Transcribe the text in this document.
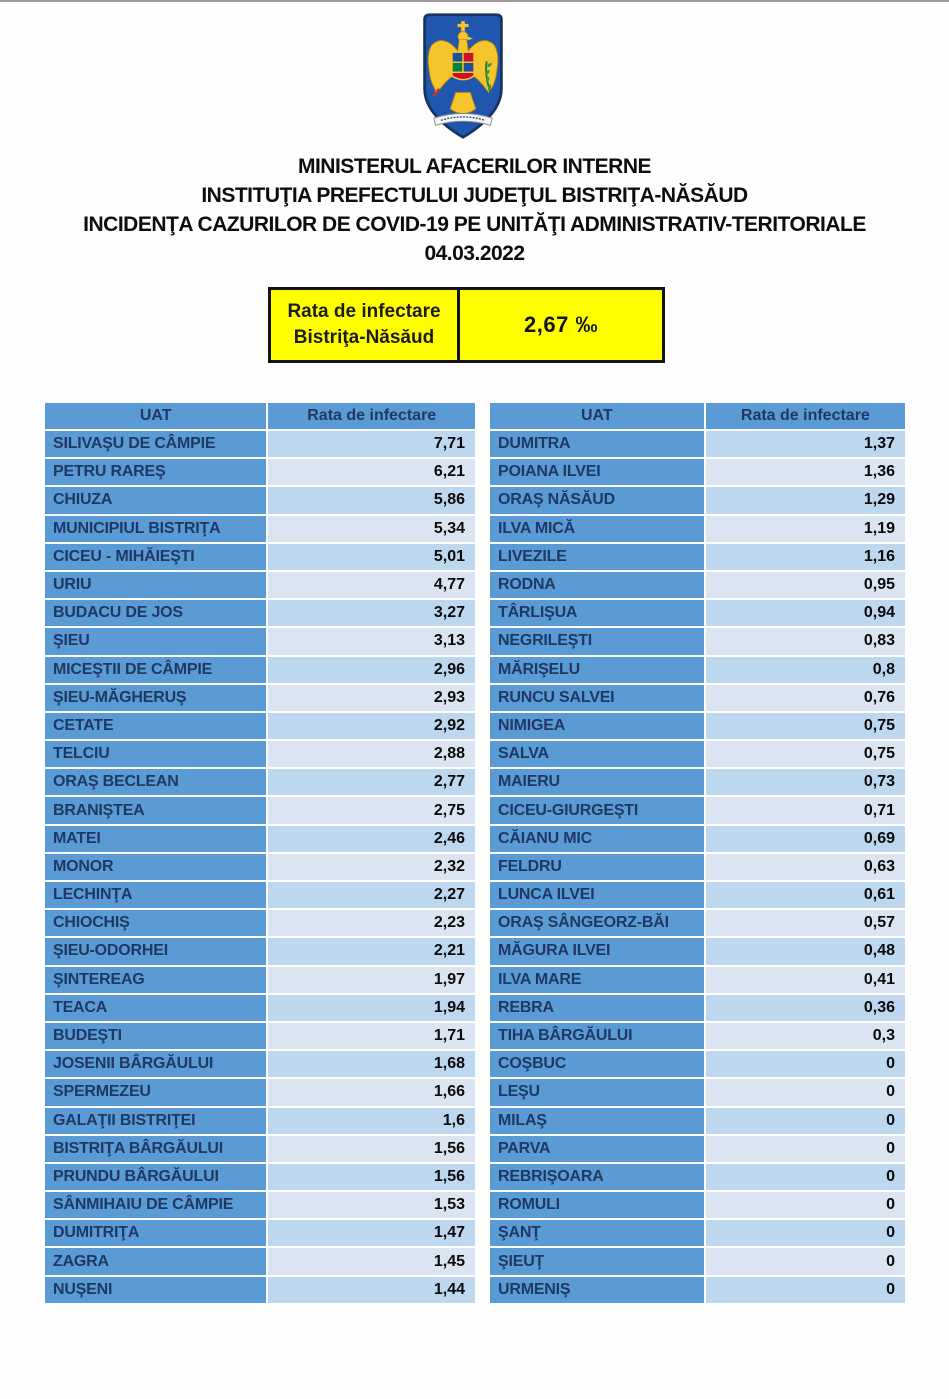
MINISTERUL AFACERILOR INTERNE
INSTITUŢIA PREFECTULUI JUDEŢUL BISTRIŢA-NĂSĂUD
INCIDENŢA CAZURILOR DE COVID-19 PE UNITĂŢI ADMINISTRATIV-TERITORIALE
04.03.2022
Rata de infectare
Bistriţa-Năsăud
2,67 ‰
UAT	Rata de infectare
SILIVAŞU DE CÂMPIE	7,71
PETRU RAREŞ	6,21
CHIUZA	5,86
MUNICIPIUL BISTRIŢA	5,34
CICEU - MIHĂIEŞTI	5,01
URIU	4,77
BUDACU DE JOS	3,27
ŞIEU	3,13
MICEŞTII DE CÂMPIE	2,96
ŞIEU-MĂGHERUŞ	2,93
CETATE	2,92
TELCIU	2,88
ORAŞ BECLEAN	2,77
BRANIŞTEA	2,75
MATEI	2,46
MONOR	2,32
LECHINŢA	2,27
CHIOCHIŞ	2,23
ŞIEU-ODORHEI	2,21
ŞINTEREAG	1,97
TEACA	1,94
BUDEŞTI	1,71
JOSENII BÂRGĂULUI	1,68
SPERMEZEU	1,66
GALAŢII BISTRIŢEI	1,6
BISTRIŢA BÂRGĂULUI	1,56
PRUNDU BÂRGĂULUI	1,56
SÂNMIHAIU DE CÂMPIE	1,53
DUMITRIŢA	1,47
ZAGRA	1,45
NUŞENI	1,44
UAT	Rata de infectare
DUMITRA	1,37
POIANA ILVEI	1,36
ORAŞ NĂSĂUD	1,29
ILVA MICĂ	1,19
LIVEZILE	1,16
RODNA	0,95
TÂRLIŞUA	0,94
NEGRILEŞTI	0,83
MĂRIŞELU	0,8
RUNCU SALVEI	0,76
NIMIGEA	0,75
SALVA	0,75
MAIERU	0,73
CICEU-GIURGEŞTI	0,71
CĂIANU MIC	0,69
FELDRU	0,63
LUNCA ILVEI	0,61
ORAŞ SÂNGEORZ-BĂI	0,57
MĂGURA ILVEI	0,48
ILVA MARE	0,41
REBRA	0,36
TIHA BÂRGĂULUI	0,3
COŞBUC	0
LEŞU	0
MILAŞ	0
PARVA	0
REBRIŞOARA	0
ROMULI	0
ŞANŢ	0
ŞIEUŢ	0
URMENIŞ	0
